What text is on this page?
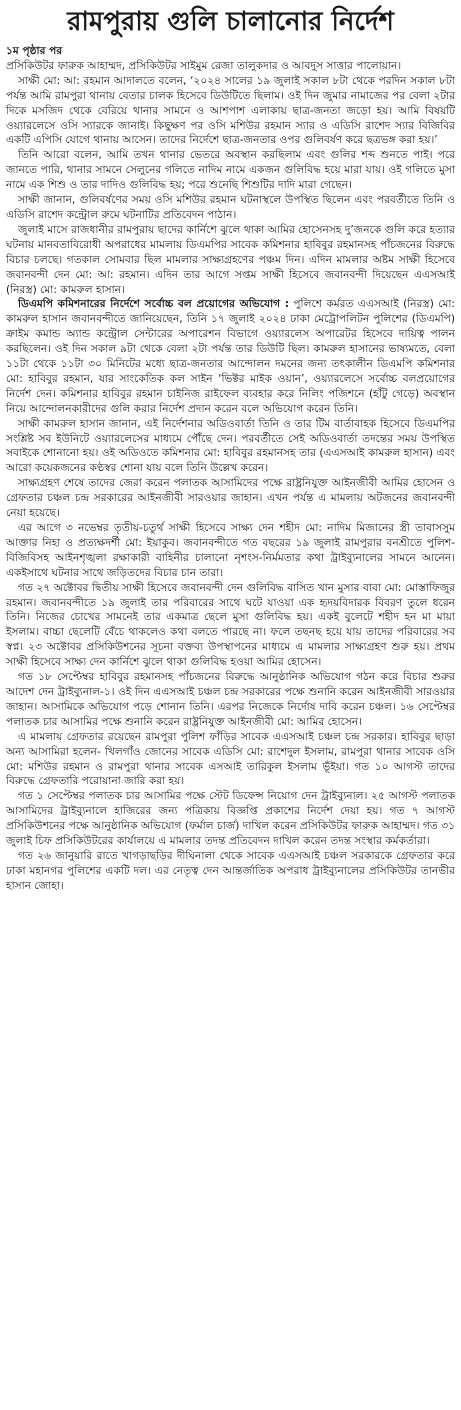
রামপুরায় গুলি চালানোর নির্দেশ

১ম পৃষ্ঠার পর

প্রসিকিউটর ফারুক আহাম্মদ, প্রসিকিউটর সাইমুম রেজা তালুকদার ও আবদুস সাত্তার পালোয়ান।

সাক্ষী মো: আ: রহমান আদালতে বলেন, ‘২০২৪ সালের ১৯ জুলাই সকাল ৮টা থেকে পরদিন সকাল ৮টা পর্যন্ত আমি রামপুরা থানায় বেতার চালক হিসেবে ডিউটিতে ছিলাম। ওই দিন জুমার নামাজের পর বেলা ২টার দিকে মসজিদ থেকে বেরিয়ে থানার সামনে ও আশপাশ এলাকায় ছাত্র-জনতা জড়ো হয়। আমি বিষয়টি ওয়্যারলেসে ওসি স্যারকে জানাই। কিছুক্ষণ পর ওসি মশিউর রহমান স্যার ও এডিসি রাশেদ স্যার বিজিবির একটি এপিসি যোগে থানায় আসেন। তাদের নির্দেশে ছাত্র-জনতার ওপর গুলিবর্ষণ করে ছত্রভঙ্গ করা হয়।’

তিনি আরো বলেন, আমি তখন থানার ভেতরে অবস্থান করছিলাম এবং গুলির শব্দ শুনতে পাই। পরে জানতে পারি, থানার সামনে সেলুনের গলিতে নাদিম নামে একজন গুলিবিদ্ধ হয়ে মারা যায়। ওই গলিতে মুসা নামে এক শিশু ও তার দাদিও গুলিবিদ্ধ হয়; পরে শুনেছি শিশুটির দাদি মারা গেছেন।

সাক্ষী জানান, গুলিবর্ষণের সময় ওসি মশিউর রহমান ঘটনাস্থলে উপস্থিত ছিলেন এবং পরবর্তীতে তিনি ও এডিসি রাশেদ কন্ট্রোল রুমে ঘটনাটির প্রতিবেদন পাঠান।

জুলাই মাসে রাজধানীর রামপুরায় ছাদের কার্নিশে ঝুলে থাকা আমির হোসেনসহ দু’জনকে গুলি করে হত্যার ঘটনায় মানবতাবিরোধী অপরাধের মামলায় ডিএমপির সাবেক কমিশনার হাবিবুর রহমানসহ পাঁচজনের বিরুদ্ধে বিচার চলছে। গতকাল সোমবার ছিল মামলার সাক্ষ্যগ্রহণের পঞ্চম দিন। এদিন মামলার অষ্টম সাক্ষী হিসেবে জবানবন্দী দেন মো: আ: রহমান। এদিন তার আগে সপ্তম সাক্ষী হিসেবে জবানবন্দী দিয়েছেন এএসআই (নিরস্ত্র) মো: কামরুল হাসান।

ডিএমপি কমিশনারের নির্দেশে সর্বোচ্চ বল প্রয়োগের অভিযোগ : পুলিশে কর্মরত এএসআই (নিরস্ত্র) মো: কামরুল হাসান জবানবন্দীতে জানিয়েছেন, তিনি ১৭ জুলাই ২০২৪ ঢাকা মেট্রোপলিটন পুলিশের (ডিএমপি) ক্রাইম কমান্ড অ্যান্ড কন্ট্রোল সেন্টারের অপারেশন বিভাগে ওয়্যারলেস অপারেটর হিসেবে দায়িত্ব পালন করছিলেন। ওই দিন সকাল ৯টা থেকে বেলা ২টা পর্যন্ত তার ডিউটি ছিল। কামরুল হাসানের ভাষ্যমতে, বেলা ১১টা থেকে ১১টা ৩০ মিনিটের মধ্যে ছাত্র-জনতার আন্দোলন দমনের জন্য তৎকালীন ডিএমপি কমিশনার মো: হাবিবুর রহমান, যার সাংকেতিক কল সাইন ‘ভিক্টর মাইক ওয়ান’, ওয়্যারলেসে সর্বোচ্চ বলপ্রয়োগের নির্দেশ দেন। কমিশনার হাবিবুর রহমান চাইনিজ রাইফেল ব্যবহার করে নিলিং পজিশনে (হাঁটু গেড়ে) অবস্থান নিয়ে আন্দোলনকারীদের গুলি করার নির্দেশ প্রদান করেন বলে অভিযোগ করেন তিনি।

সাক্ষী কামরুল হাসান জানান, এই নির্দেশনার অডিওবার্তা তিনি ও তার টিম বার্তাবাহক হিসেবে ডিএমপির সংশ্লিষ্ট সব ইউনিটে ওয়্যারলেসের মাধ্যমে পৌঁছে দেন। পরবর্তীতে সেই অডিওবার্তা তদন্তের সময় উপস্থিত সবাইকে শোনানো হয়। ওই অডিওতে কমিশনার মো: হাবিবুর রহমানসহ তার (এএসআই কামরুল হাসান) এবং আরো কয়েকজনের কণ্ঠস্বর শোনা যায় বলে তিনি উল্লেখ করেন।

সাক্ষ্যগ্রহণ শেষে তাদের জেরা করেন পলাতক আসামিদের পক্ষে রাষ্ট্রনিযুক্ত আইনজীবী আমির হোসেন ও গ্রেফতার চঞ্চল চন্দ্র সরকারের আইনজীবী সারওয়ার জাহান। এখন পর্যন্ত এ মামলায় অটজনের জবানবন্দী নেয়া হয়েছে।

এর আগে ৩ নভেম্বর তৃতীয়-চতুর্থ সাক্ষী হিসেবে সাক্ষ্য দেন শহীদ মো: নাদিম মিজানের স্ত্রী তাবাসসুম আক্তার নিহা ও প্রত্যক্ষদর্শী মো: ইয়াকুব। জবানবন্দীতে গত বছরের ১৯ জুলাই রামপুরার বনশ্রীতে পুলিশ-বিজিবিসহ আইনশৃঙ্খলা রক্ষাকারী বাহিনীর চালানো নৃশংস-নির্মমতার কথা ট্রাইব্যুনালের সামনে আনেন। একইসাথে ঘটনার সাথে জড়িতদের বিচার চান তারা।

গত ২৭ অক্টোবর দ্বিতীয় সাক্ষী হিসেবে জবানবন্দী দেন গুলিবিদ্ধ বাসিত খান মুসার বাবা মো: মোস্তাফিজুর রহমান। জবানবন্দীতে ১৯ জুলাই তার পরিবারের সাথে ঘটে যাওয়া এক হৃদয়বিদারক বিবরণ তুলে ধরেন তিনি। নিজের চোখের সামনেই তার একমাত্র ছেলে মুসা গুলিবিদ্ধ হয়। একই বুলেটে শহীদ হন মা মায়া ইসলাম। বাচ্চা ছেলেটি বেঁচে থাকলেও কথা বলতে পারছে না। ফলে তছনছ হয়ে যায় তাদের পরিবারের সব স্বপ্ন। ২৩ অক্টোবর প্রসিকিউশনের সূচনা বক্তব্য উপস্থাপনের মাধ্যমে এ মামলার সাক্ষ্যগ্রহণ শুরু হয়। প্রথম সাক্ষী হিসেবে সাক্ষ্য দেন কার্নিশে ঝুলে থাকা গুলিবিদ্ধ হওয়া আমির হোসেন।

গত ১৮ সেপ্টেম্বর হাবিবুর রহমানসহ পাঁচজনের বিরুদ্ধে আনুষ্ঠানিক অভিযোগ গঠন করে বিচার শুরুর আদেশ দেন ট্রাইব্যুনাল-১। ওই দিন এএসআই চঞ্চল চন্দ্র সরকারের পক্ষে শুনানি করেন আইনজীবী সারওয়ার জাহান। আসামিকে অভিযোগ পড়ে শোনান তিনি। এরপর নিজেকে নির্দোষ দাবি করেন চঞ্চল। ১৬ সেপ্টেম্বর পলাতক চার আসামির পক্ষে শুনানি করেন রাষ্ট্রনিযুক্ত আইনজীবী মো: আমির হোসেন।

এ মামলায় গ্রেফতার রয়েছেন রামপুরা পুলিশ ফাঁড়ির সাবেক এএসআই চঞ্চল চন্দ্র সরকার। হাবিবুর ছাড়া অন্য আসামিরা হলেন- খিলগাঁও জোনের সাবেক এডিসি মো: রাশেদুল ইসলাম, রামপুরা থানার সাবেক ওসি মো: মশিউর রহমান ও রামপুরা থানার সাবেক এসআই তারিকুল ইসলাম ভূঁইয়া। গত ১০ আগস্ট তাদের বিরুদ্ধে গ্রেফতারি পরোয়ানা জারি করা হয়।

গত ১ সেপ্টেম্বর পলাতক চার আসামির পক্ষে স্টেট ডিফেন্স নিয়োগ দেন ট্রাইব্যুনাল। ২৫ আগস্ট পলাতক আসামিদের ট্রাইব্যুনালে হাজিরের জন্য পত্রিকায় বিজ্ঞপ্তি প্রকাশের নির্দেশ দেয়া হয়। গত ৭ আগস্ট প্রসিকিউশনের পক্ষে আনুষ্ঠানিক অভিযোগ (ফর্মাল চার্জ) দাখিল করেন প্রসিকিউটর ফারুক আহাম্মদ। গত ৩১ জুলাই চিফ প্রসিকিউটরের কার্যালয়ে এ মামলার তদন্ত প্রতিবেদন দাখিল করেন তদন্ত সংস্থার কর্মকর্তারা।

গত ২৬ জানুয়ারি রাতে খাগড়াছড়ির দীঘিনালা থেকে সাবেক এএসআই চঞ্চল সরকারকে গ্রেফতার করে ঢাকা মহানগর পুলিশের একটি দল। এর নেতৃত্ব দেন আন্তর্জাতিক অপরাধ ট্রাইব্যুনালের প্রসিকিউটর তানভীর হাসান জোহা।
